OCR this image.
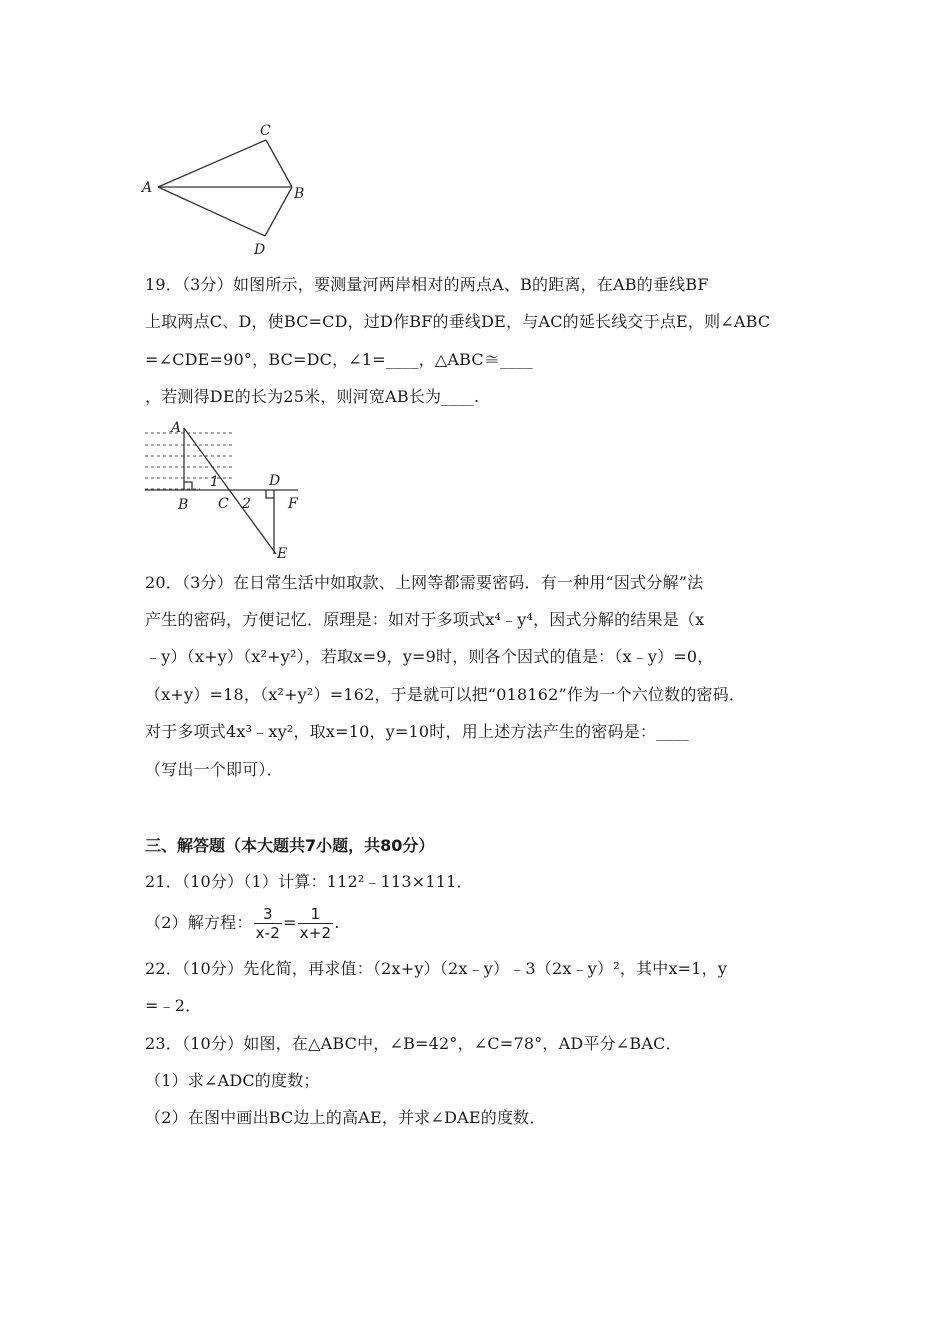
A
C
B
D
19．（3分）如图所示，要测量河两岸相对的两点A、B的距离，在AB的垂线BF
上取两点C、D，使BC=CD，过D作BF的垂线DE，与AC的延长线交于点E，则∠ABC
=∠CDE=90°，BC=DC，∠1=____，△ABC≅____
，若测得DE的长为25米，则河宽AB长为____.
A
B
1
C 2
D
F
E
20．（3分）在日常生活中如取款、上网等都需要密码．有一种用“因式分解”法
产生的密码，方便记忆．原理是：如对于多项式x⁴﹣y⁴，因式分解的结果是（x
﹣y）（x+y）（x²+y²），若取x=9，y=9时，则各个因式的值是：（x﹣y）=0，
（x+y）=18，（x²+y²）=162，于是就可以把“018162”作为一个六位数的密码．
对于多项式4x³﹣xy²，取x=10，y=10时，用上述方法产生的密码是：____
（写出一个即可）．
三、解答题（本大题共7小题，共80分）
21．（10分）（1）计算：112²﹣113×111．
（2）解方程： $\frac{3}{x-2} = \frac{1}{x+2}$ .
22．（10分）先化简，再求值：（2x+y）（2x﹣y）﹣3（2x﹣y）²，其中x=1，y
=﹣2．
23．（10分）如图，在△ABC中，∠B=42°，∠C=78°，AD平分∠BAC．
（1）求∠ADC的度数；
（2）在图中画出BC边上的高AE，并求∠DAE的度数．
